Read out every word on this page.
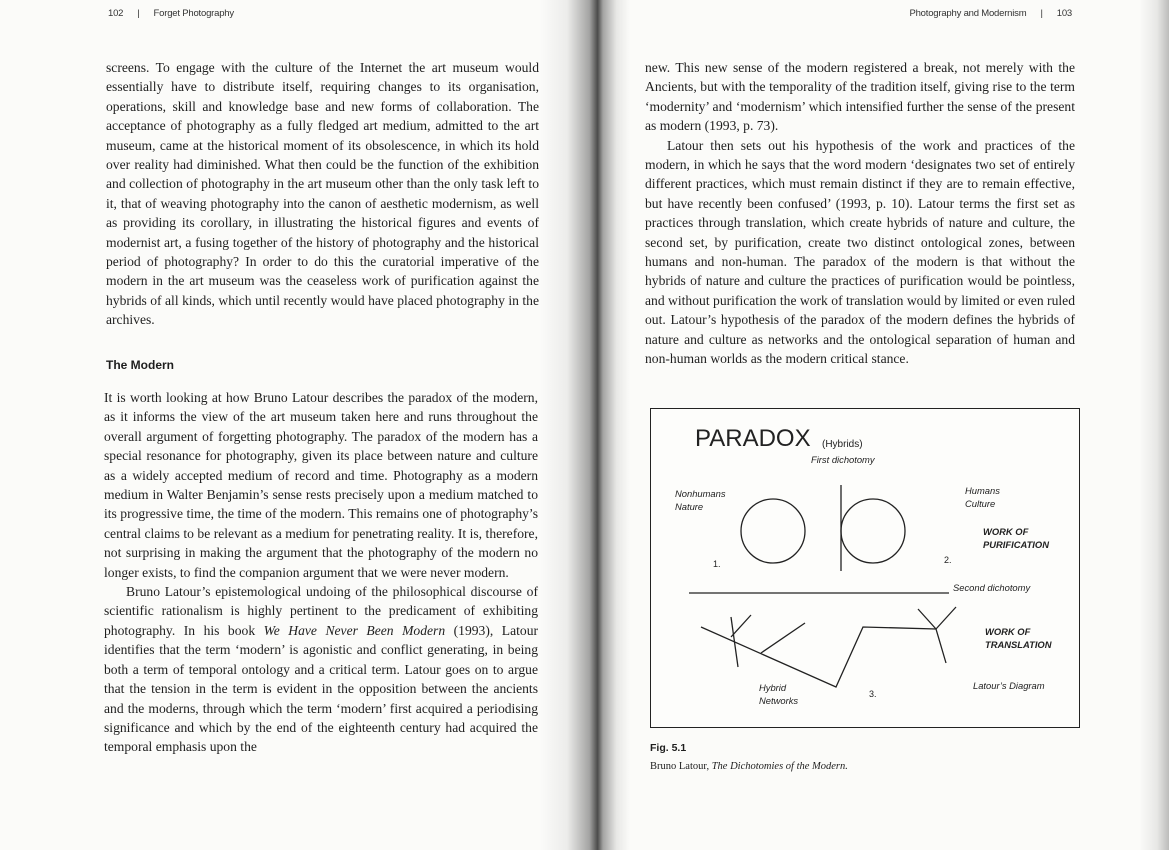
102 | Forget Photography

screens. To engage with the culture of the Internet the art museum would essentially have to distribute itself, requiring changes to its organisation, operations, skill and knowledge base and new forms of collaboration. The acceptance of photography as a fully fledged art medium, admitted to the art museum, came at the historical moment of its obsolescence, in which its hold over reality had diminished. What then could be the function of the exhibition and collection of photography in the art museum other than the only task left to it, that of weaving photography into the canon of aesthetic modernism, as well as providing its corollary, in illustrating the historical figures and events of modernist art, a fusing together of the history of photography and the historical period of photography? In order to do this the curatorial imperative of the modern in the art museum was the ceaseless work of purification against the hybrids of all kinds, which until recently would have placed photography in the archives.

The Modern

It is worth looking at how Bruno Latour describes the paradox of the modern, as it informs the view of the art museum taken here and runs throughout the overall argument of forgetting photography. The paradox of the modern has a special resonance for photography, given its place between nature and culture as a widely accepted medium of record and time. Photography as a modern medium in Walter Benjamin’s sense rests precisely upon a medium matched to its progressive time, the time of the modern. This remains one of photography’s central claims to be relevant as a medium for penetrating reality. It is, therefore, not surprising in making the argument that the photography of the modern no longer exists, to find the companion argument that we were never modern.

Bruno Latour’s epistemological undoing of the philosophical discourse of scientific rationalism is highly pertinent to the predicament of exhibiting photography. In his book We Have Never Been Modern (1993), Latour identifies that the term ‘modern’ is agonistic and conflict generating, in being both a term of temporal ontology and a critical term. Latour goes on to argue that the tension in the term is evident in the opposition between the ancients and the moderns, through which the term ‘modern’ first acquired a periodising significance and which by the end of the eighteenth century had acquired the temporal emphasis upon the

Photography and Modernism | 103

new. This new sense of the modern registered a break, not merely with the Ancients, but with the temporality of the tradition itself, giving rise to the term ‘modernity’ and ‘modernism’ which intensified further the sense of the present as modern (1993, p. 73).

Latour then sets out his hypothesis of the work and practices of the modern, in which he says that the word modern ‘designates two set of entirely different practices, which must remain distinct if they are to remain effective, but have recently been confused’ (1993, p. 10). Latour terms the first set as practices through translation, which create hybrids of nature and culture, the second set, by purification, create two distinct ontological zones, between humans and non-human. The paradox of the modern is that without the hybrids of nature and culture the practices of purification would be pointless, and without purification the work of translation would by limited or even ruled out. Latour’s hypothesis of the paradox of the modern defines the hybrids of nature and culture as networks and the ontological separation of human and non-human worlds as the modern critical stance.

PARADOX (Hybrids)
First dichotomy
Nonhumans
Nature
Humans
Culture
WORK OF
PURIFICATION
1.	2.
Second dichotomy
WORK OF
TRANSLATION
Hybrid
Networks
3.
Latour’s Diagram
Fig. 5.1
Bruno Latour, The Dichotomies of the Modern.
